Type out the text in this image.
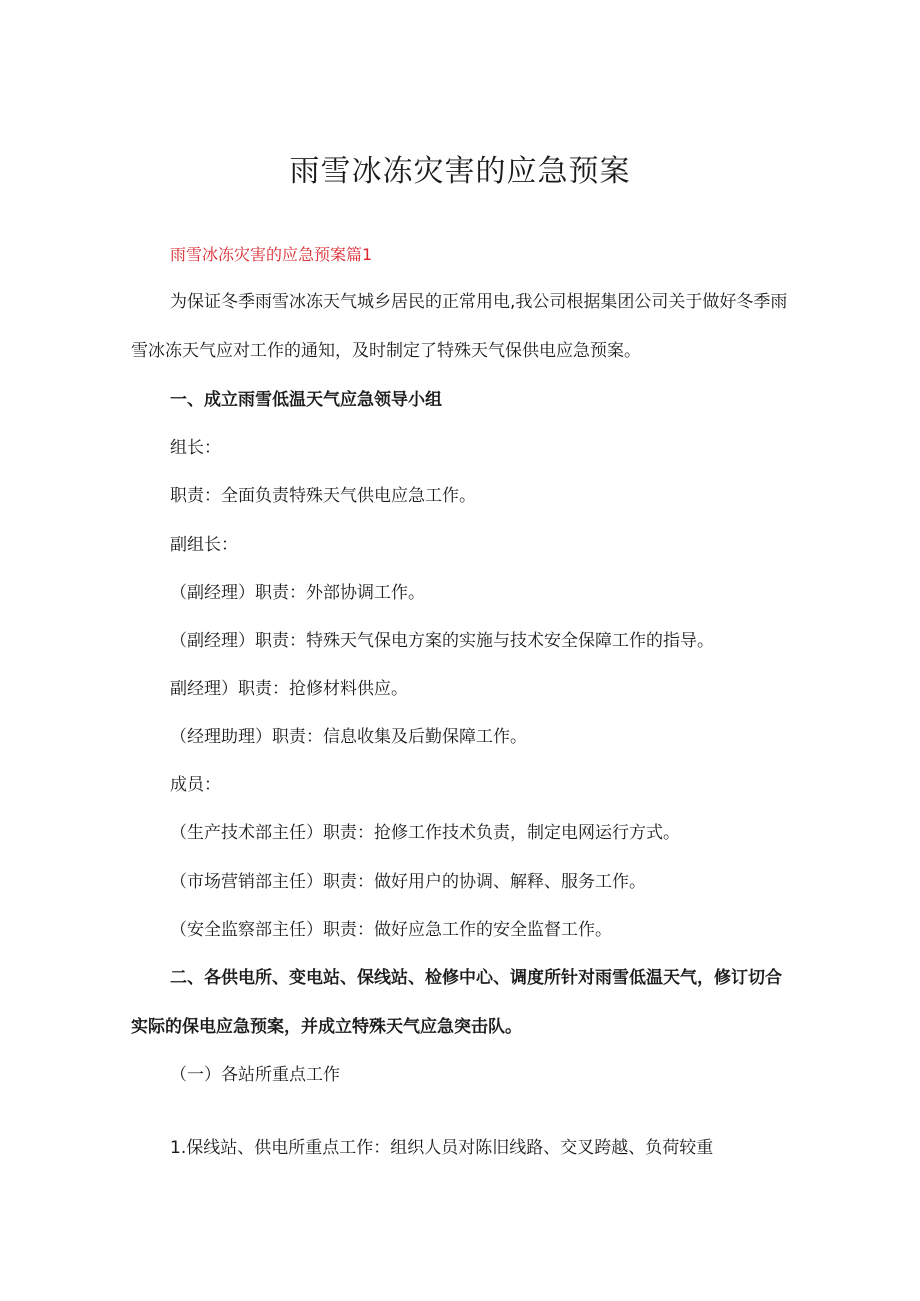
雨雪冰冻灾害的应急预案
雨雪冰冻灾害的应急预案篇1
为保证冬季雨雪冰冻天气城乡居民的正常用电,我公司根据集团公司关于做好冬季雨
雪冰冻天气应对工作的通知，及时制定了特殊天气保供电应急预案。
一、成立雨雪低温天气应急领导小组
组长：
职责：全面负责特殊天气供电应急工作。
副组长：
（副经理）职责：外部协调工作。
（副经理）职责：特殊天气保电方案的实施与技术安全保障工作的指导。
副经理）职责：抢修材料供应。
（经理助理）职责：信息收集及后勤保障工作。
成员：
（生产技术部主任）职责：抢修工作技术负责，制定电网运行方式。
（市场营销部主任）职责：做好用户的协调、解释、服务工作。
（安全监察部主任）职责：做好应急工作的安全监督工作。
二、各供电所、变电站、保线站、检修中心、调度所针对雨雪低温天气，修订切合
实际的保电应急预案，并成立特殊天气应急突击队。
（一）各站所重点工作
1.保线站、供电所重点工作：组织人员对陈旧线路、交叉跨越、负荷较重
